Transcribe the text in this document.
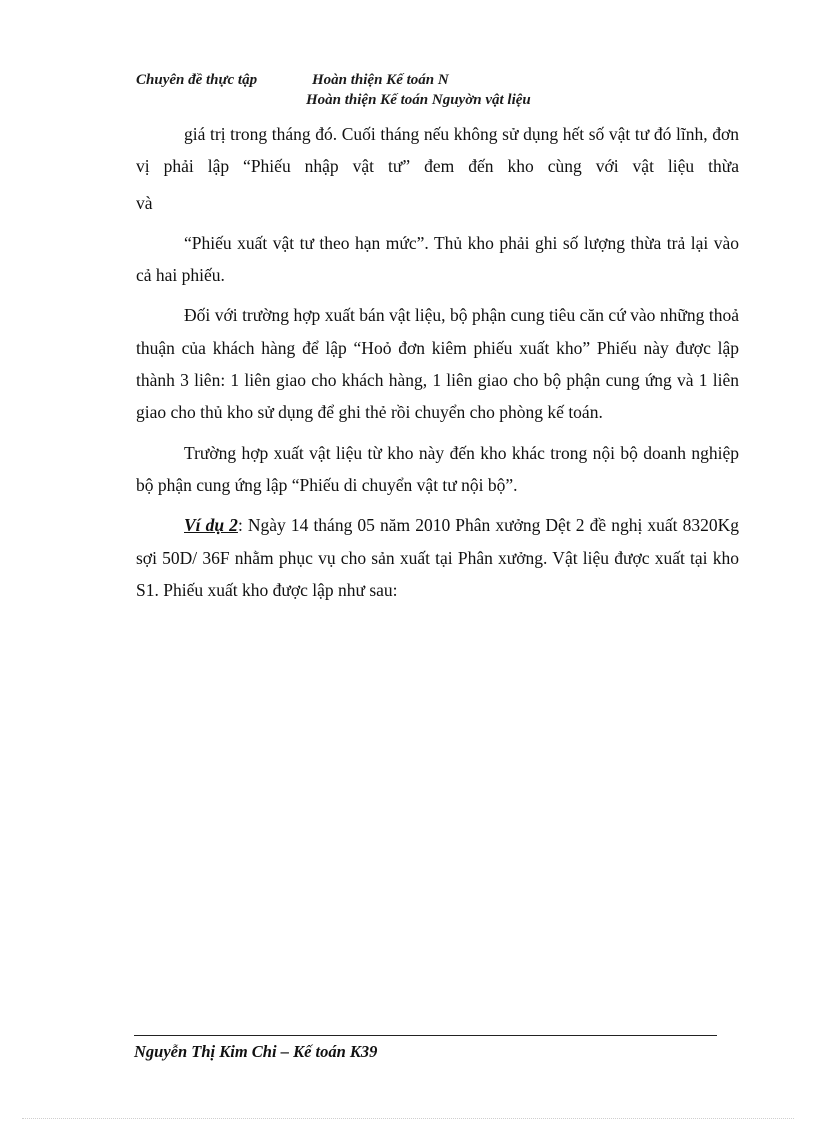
Chuyên đề thực tập	Hoàn thiện Kế toán N
Hoàn thiện Kế toán Nguyờn vật liệu

giá trị trong tháng đó. Cuối tháng nếu không sử dụng hết số vật tư đó lĩnh, đơn vị phải lập “Phiếu nhập vật tư” đem đến kho cùng với vật liệu thừa

và

“Phiếu xuất vật tư theo hạn mức”. Thủ kho phải ghi số lượng thừa trả lại vào cả hai phiếu.

Đối với trường hợp xuất bán vật liệu, bộ phận cung tiêu căn cứ vào những thoả thuận của khách hàng để lập “Hoỏ đơn kiêm phiếu xuất kho” Phiếu này được lập thành 3 liên: 1 liên giao cho khách hàng, 1 liên giao cho bộ phận cung ứng và 1 liên giao cho thủ kho sử dụng để ghi thẻ rồi chuyển cho phòng kế toán.

Trường hợp xuất vật liệu từ kho này đến kho khác trong nội bộ doanh nghiệp bộ phận cung ứng lập “Phiếu di chuyển vật tư nội bộ”.

Ví dụ 2: Ngày 14 tháng 05 năm 2010 Phân xưởng Dệt 2 đề nghị xuất 8320Kg sợi 50D/ 36F nhằm phục vụ cho sản xuất tại Phân xưởng. Vật liệu được xuất tại kho S1. Phiếu xuất kho được lập như sau:

Nguyễn Thị Kim Chi – Kế toán K39
